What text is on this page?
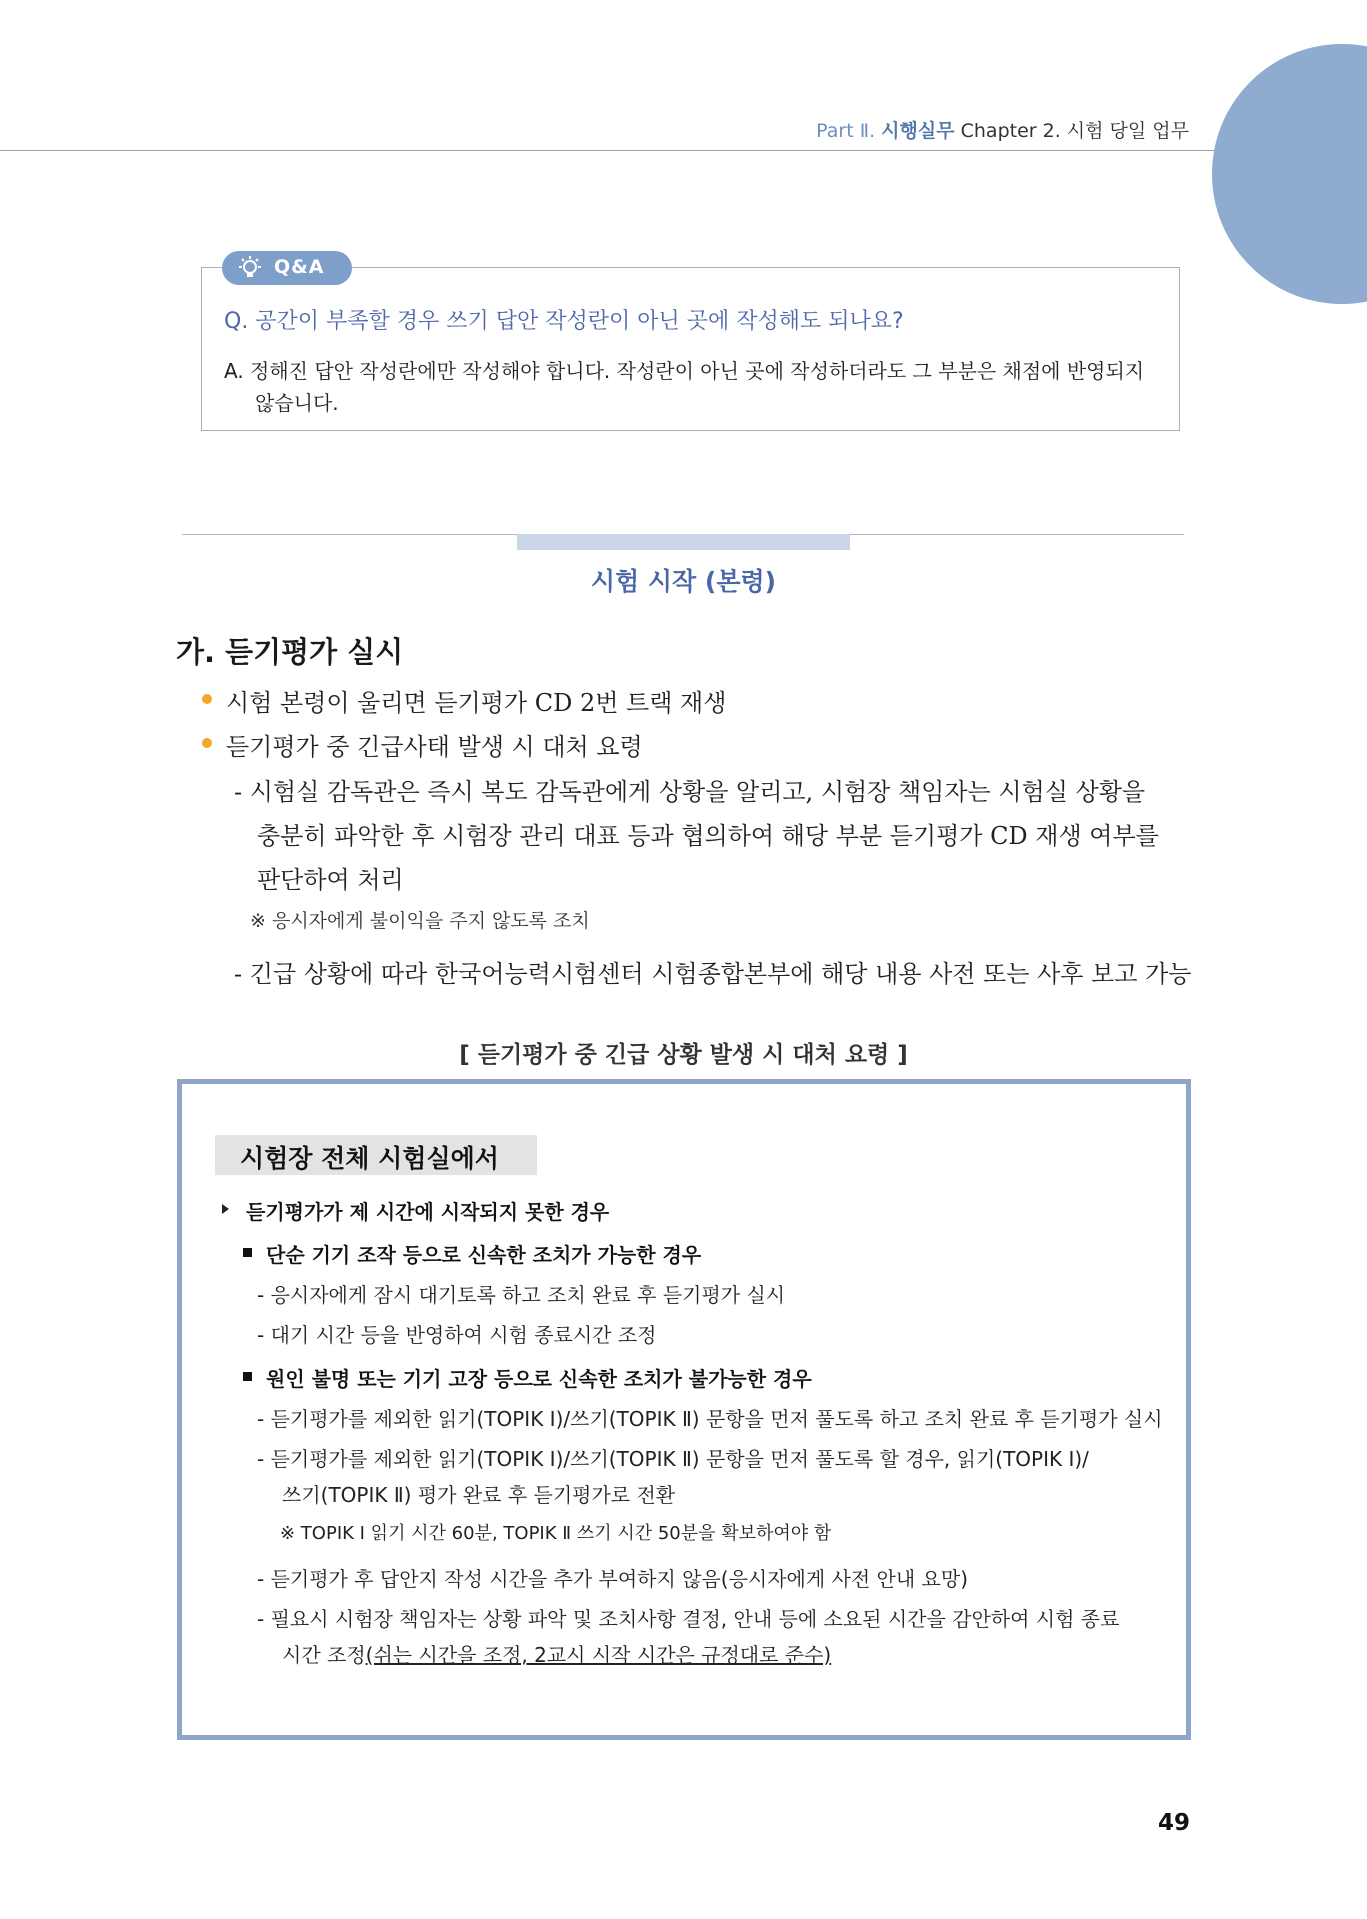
Part Ⅱ. 시행실무 Chapter 2. 시험 당일 업무
Q&A
Q. 공간이 부족할 경우 쓰기 답안 작성란이 아닌 곳에 작성해도 되나요?
A. 정해진 답안 작성란에만 작성해야 합니다. 작성란이 아닌 곳에 작성하더라도 그 부분은 채점에 반영되지
않습니다.
시험 시작 (본령)
가. 듣기평가 실시
시험 본령이 울리면 듣기평가 CD 2번 트랙 재생
듣기평가 중 긴급사태 발생 시 대처 요령
- 시험실 감독관은 즉시 복도 감독관에게 상황을 알리고, 시험장 책임자는 시험실 상황을
충분히 파악한 후 시험장 관리 대표 등과 협의하여 해당 부분 듣기평가 CD 재생 여부를
판단하여 처리
※ 응시자에게 불이익을 주지 않도록 조치
- 긴급 상황에 따라 한국어능력시험센터 시험종합본부에 해당 내용 사전 또는 사후 보고 가능
[ 듣기평가 중 긴급 상황 발생 시 대처 요령 ]
시험장 전체 시험실에서
듣기평가가 제 시간에 시작되지 못한 경우
단순 기기 조작 등으로 신속한 조치가 가능한 경우
- 응시자에게 잠시 대기토록 하고 조치 완료 후 듣기평가 실시
- 대기 시간 등을 반영하여 시험 종료시간 조정
원인 불명 또는 기기 고장 등으로 신속한 조치가 불가능한 경우
- 듣기평가를 제외한 읽기(TOPIK Ⅰ)/쓰기(TOPIK Ⅱ) 문항을 먼저 풀도록 하고 조치 완료 후 듣기평가 실시
- 듣기평가를 제외한 읽기(TOPIK Ⅰ)/쓰기(TOPIK Ⅱ) 문항을 먼저 풀도록 할 경우, 읽기(TOPIK Ⅰ)/
쓰기(TOPIK Ⅱ) 평가 완료 후 듣기평가로 전환
※ TOPIK Ⅰ 읽기 시간 60분, TOPIK Ⅱ 쓰기 시간 50분을 확보하여야 함
- 듣기평가 후 답안지 작성 시간을 추가 부여하지 않음(응시자에게 사전 안내 요망)
- 필요시 시험장 책임자는 상황 파악 및 조치사항 결정, 안내 등에 소요된 시간을 감안하여 시험 종료
시간 조정(쉬는 시간을 조정, 2교시 시작 시간은 규정대로 준수)
49
